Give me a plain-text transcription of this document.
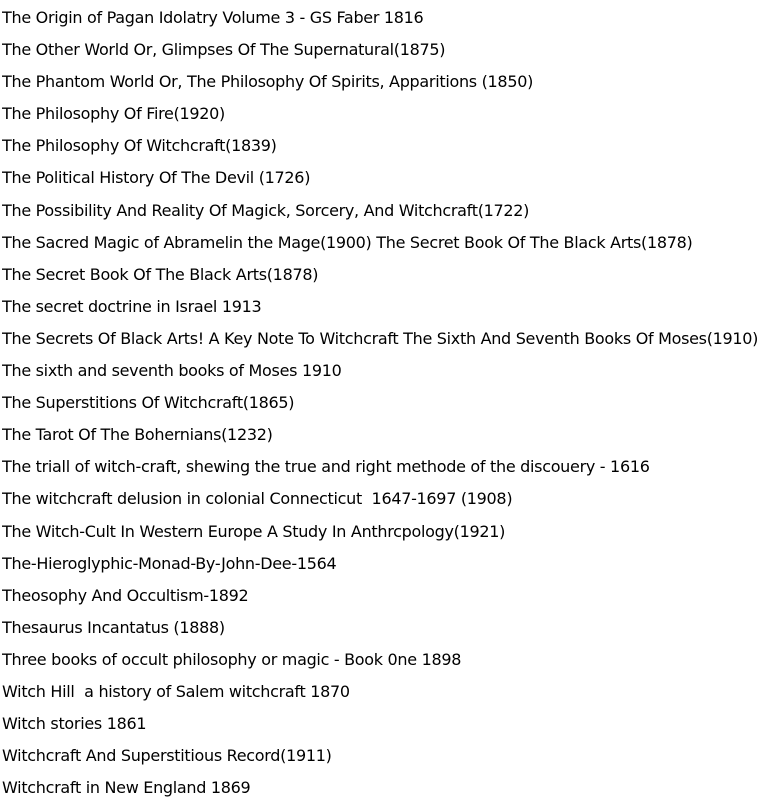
The Origin of Pagan Idolatry Volume 3 - GS Faber 1816
The Other World Or, Glimpses Of The Supernatural(1875)
The Phantom World Or, The Philosophy Of Spirits, Apparitions (1850)
The Philosophy Of Fire(1920)
The Philosophy Of Witchcraft(1839)
The Political History Of The Devil (1726)
The Possibility And Reality Of Magick, Sorcery, And Witchcraft(1722)
The Sacred Magic of Abramelin the Mage(1900) The Secret Book Of The Black Arts(1878)
The Secret Book Of The Black Arts(1878)
The secret doctrine in Israel 1913
The Secrets Of Black Arts! A Key Note To Witchcraft The Sixth And Seventh Books Of Moses(1910)
The sixth and seventh books of Moses 1910
The Superstitions Of Witchcraft(1865)
The Tarot Of The Bohernians(1232)
The triall of witch-craft, shewing the true and right methode of the discouery - 1616
The witchcraft delusion in colonial Connecticut  1647-1697 (1908)
The Witch-Cult In Western Europe A Study In Anthrcpology(1921)
The-Hieroglyphic-Monad-By-John-Dee-1564
Theosophy And Occultism-1892
Thesaurus Incantatus (1888)
Three books of occult philosophy or magic - Book 0ne 1898
Witch Hill  a history of Salem witchcraft 1870
Witch stories 1861
Witchcraft And Superstitious Record(1911)
Witchcraft in New England 1869
